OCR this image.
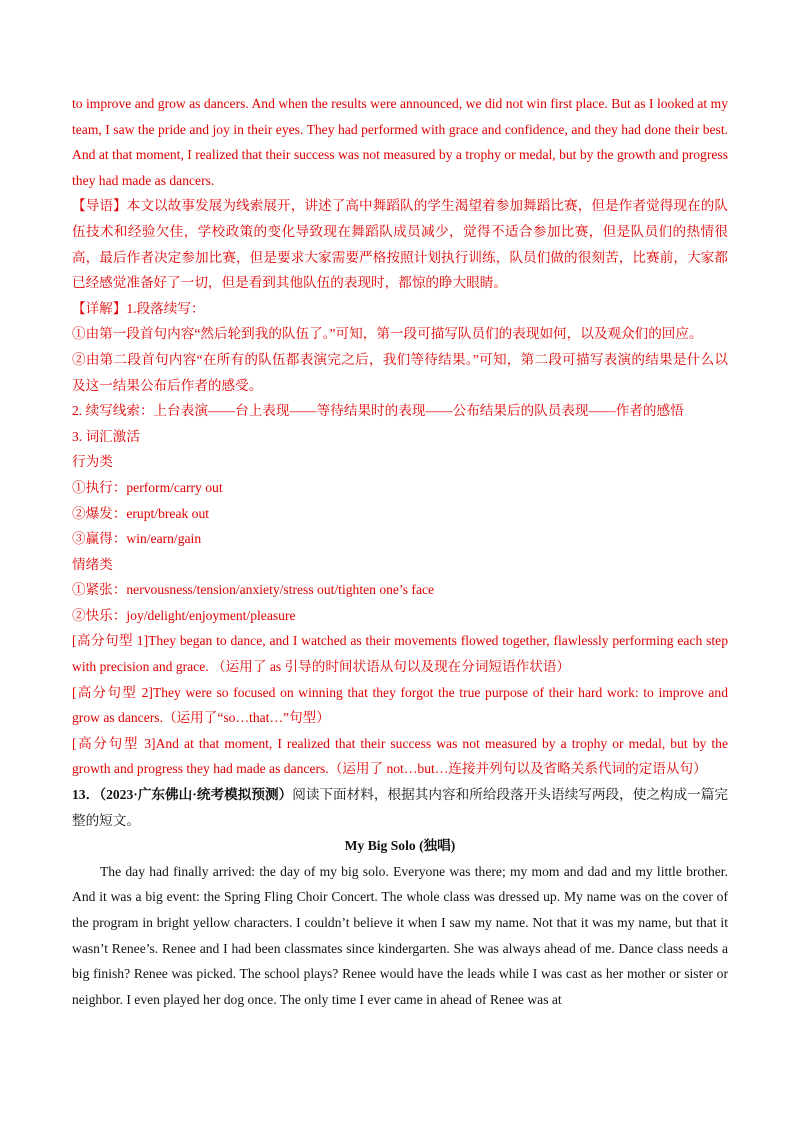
to improve and grow as dancers. And when the results were announced, we did not win first place. But as I looked at my team, I saw the pride and joy in their eyes. They had performed with grace and confidence, and they had done their best. And at that moment, I realized that their success was not measured by a trophy or medal, but by the growth and progress they had made as dancers.

【导语】本文以故事发展为线索展开，讲述了高中舞蹈队的学生渴望着参加舞蹈比赛，但是作者觉得现在的队伍技术和经验欠佳，学校政策的变化导致现在舞蹈队成员减少，觉得不适合参加比赛，但是队员们的热情很高，最后作者决定参加比赛，但是要求大家需要严格按照计划执行训练，队员们做的很刻苦，比赛前，大家都已经感觉准备好了一切，但是看到其他队伍的表现时，都惊的睁大眼睛。

【详解】1.段落续写：

①由第一段首句内容“然后轮到我的队伍了。”可知，第一段可描写队员们的表现如何，以及观众们的回应。

②由第二段首句内容“在所有的队伍都表演完之后，我们等待结果。”可知，第二段可描写表演的结果是什么以及这一结果公布后作者的感受。

2. 续写线索：上台表演——台上表现——等待结果时的表现——公布结果后的队员表现——作者的感悟

3. 词汇激活

行为类

①执行：perform/carry out

②爆发：erupt/break out

③赢得：win/earn/gain

情绪类

①紧张：nervousness/tension/anxiety/stress out/tighten one’s face

②快乐：joy/delight/enjoyment/pleasure

[高分句型 1]They began to dance, and I watched as their movements flowed together, flawlessly performing each step with precision and grace. （运用了 as 引导的时间状语从句以及现在分词短语作状语）

[高分句型 2]They were so focused on winning that they forgot the true purpose of their hard work: to improve and grow as dancers.（运用了“so…that…”句型）

[高分句型 3]And at that moment, I realized that their success was not measured by a trophy or medal, but by the growth and progress they had made as dancers.（运用了 not…but…连接并列句以及省略关系代词的定语从句）

13．（2023·广东佛山·统考模拟预测）阅读下面材料，根据其内容和所给段落开头语续写两段，使之构成一篇完整的短文。

My Big Solo (独唱)

The day had finally arrived: the day of my big solo. Everyone was there; my mom and dad and my little brother. And it was a big event: the Spring Fling Choir Concert. The whole class was dressed up. My name was on the cover of the program in bright yellow characters. I couldn’t believe it when I saw my name. Not that it was my name, but that it wasn’t Renee’s. Renee and I had been classmates since kindergarten. She was always ahead of me. Dance class needs a big finish? Renee was picked. The school plays? Renee would have the leads while I was cast as her mother or sister or neighbor. I even played her dog once. The only time I ever came in ahead of Renee was at
